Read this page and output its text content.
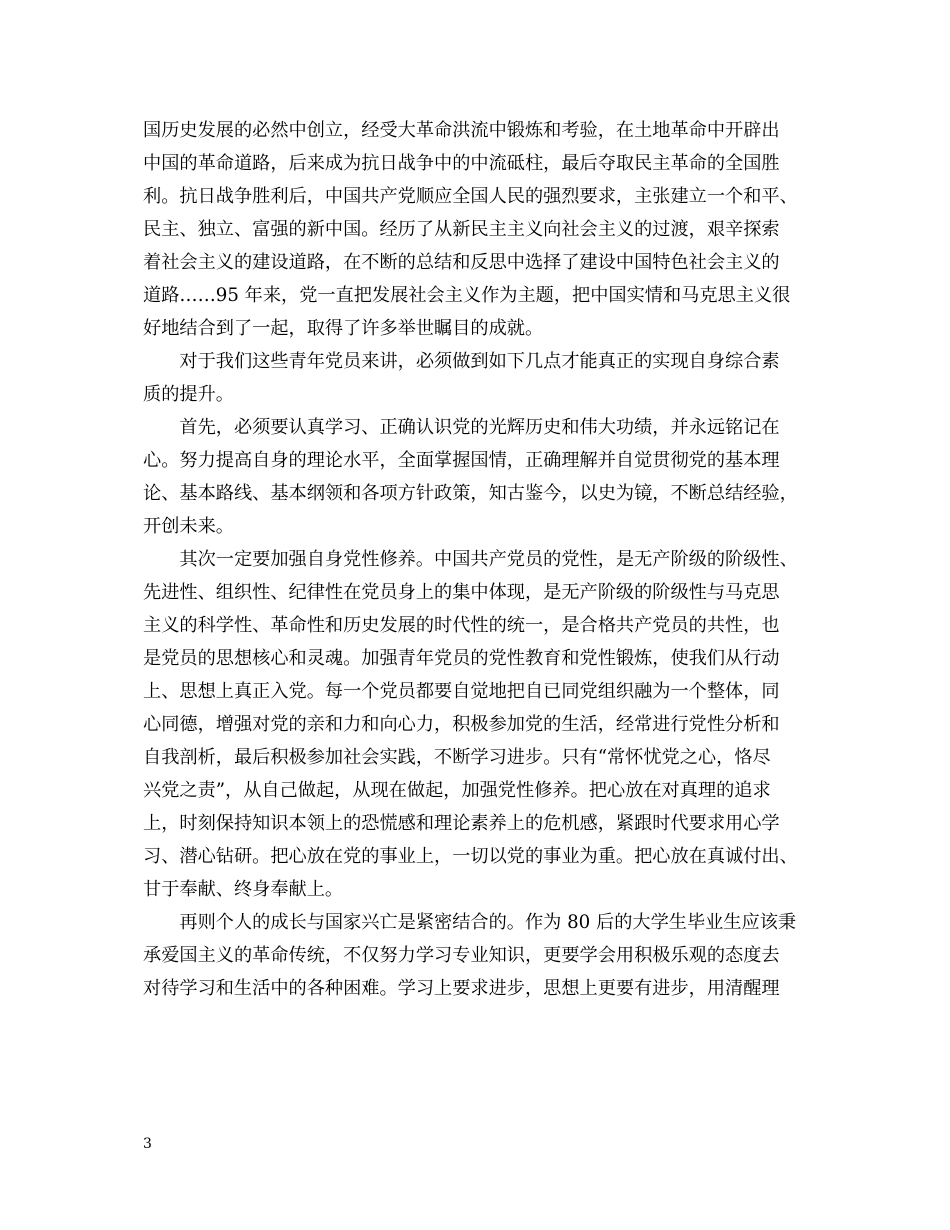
国历史发展的必然中创立，经受大革命洪流中锻炼和考验，在土地革命中开辟出
中国的革命道路，后来成为抗日战争中的中流砥柱，最后夺取民主革命的全国胜
利。抗日战争胜利后，中国共产党顺应全国人民的强烈要求，主张建立一个和平、
民主、独立、富强的新中国。经历了从新民主主义向社会主义的过渡，艰辛探索
着社会主义的建设道路，在不断的总结和反思中选择了建设中国特色社会主义的
道路……95 年来，党一直把发展社会主义作为主题，把中国实情和马克思主义很
好地结合到了一起，取得了许多举世瞩目的成就。
　　对于我们这些青年党员来讲，必须做到如下几点才能真正的实现自身综合素
质的提升。
　　首先，必须要认真学习、正确认识党的光辉历史和伟大功绩，并永远铭记在
心。努力提高自身的理论水平，全面掌握国情，正确理解并自觉贯彻党的基本理
论、基本路线、基本纲领和各项方针政策，知古鉴今，以史为镜，不断总结经验，
开创未来。
　　其次一定要加强自身党性修养。中国共产党员的党性，是无产阶级的阶级性、
先进性、组织性、纪律性在党员身上的集中体现，是无产阶级的阶级性与马克思
主义的科学性、革命性和历史发展的时代性的统一，是合格共产党员的共性，也
是党员的思想核心和灵魂。加强青年党员的党性教育和党性锻炼，使我们从行动
上、思想上真正入党。每一个党员都要自觉地把自已同党组织融为一个整体，同
心同德，增强对党的亲和力和向心力，积极参加党的生活，经常进行党性分析和
自我剖析，最后积极参加社会实践，不断学习进步。只有“常怀忧党之心，恪尽
兴党之责”，从自己做起，从现在做起，加强党性修养。把心放在对真理的追求
上，时刻保持知识本领上的恐慌感和理论素养上的危机感，紧跟时代要求用心学
习、潜心钻研。把心放在党的事业上，一切以党的事业为重。把心放在真诚付出、
甘于奉献、终身奉献上。
　　再则个人的成长与国家兴亡是紧密结合的。作为 80 后的大学生毕业生应该秉
承爱国主义的革命传统，不仅努力学习专业知识，更要学会用积极乐观的态度去
对待学习和生活中的各种困难。学习上要求进步，思想上更要有进步，用清醒理
3
